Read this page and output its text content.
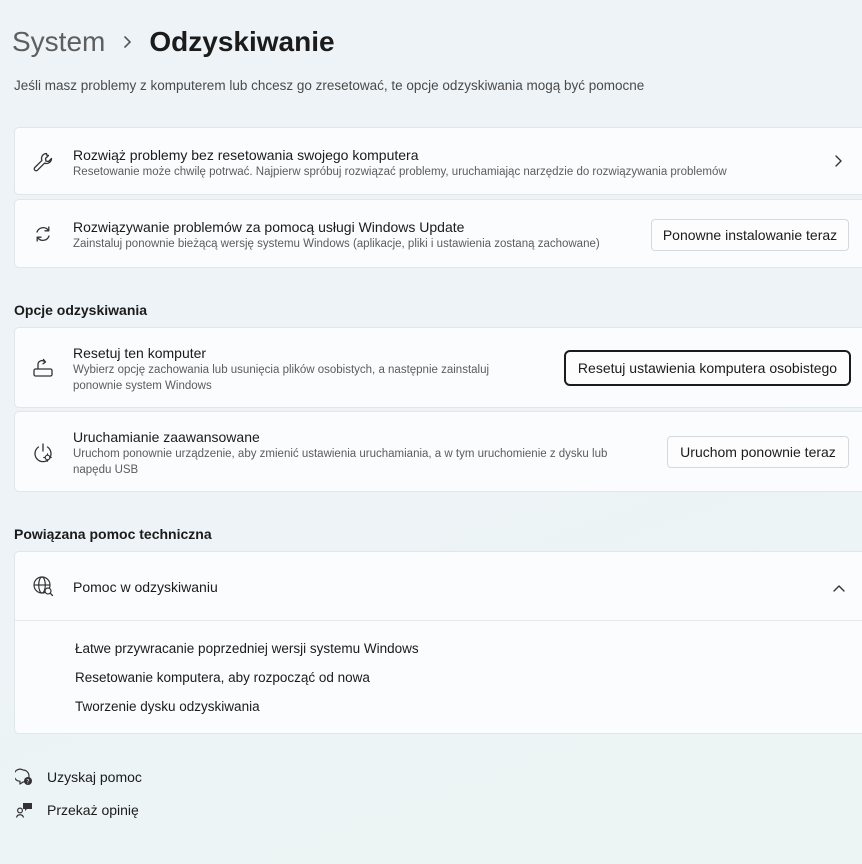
System Odzyskiwanie
Jeśli masz problemy z komputerem lub chcesz go zresetować, te opcje odzyskiwania mogą być pomocne
Rozwiąż problemy bez resetowania swojego komputera
Resetowanie może chwilę potrwać. Najpierw spróbuj rozwiązać problemy, uruchamiając narzędzie do rozwiązywania problemów
Rozwiązywanie problemów za pomocą usługi Windows Update
Zainstaluj ponownie bieżącą wersję systemu Windows (aplikacje, pliki i ustawienia zostaną zachowane)
Ponowne instalowanie teraz
Opcje odzyskiwania
Resetuj ten komputer
Wybierz opcję zachowania lub usunięcia plików osobistych, a następnie zainstaluj
ponownie system Windows
Resetuj ustawienia komputera osobistego
Uruchamianie zaawansowane
Uruchom ponownie urządzenie, aby zmienić ustawienia uruchamiania, a w tym uruchomienie z dysku lub
napędu USB
Uruchom ponownie teraz
Powiązana pomoc techniczna
Pomoc w odzyskiwaniu
Łatwe przywracanie poprzedniej wersji systemu Windows
Resetowanie komputera, aby rozpocząć od nowa
Tworzenie dysku odzyskiwania
? Uzyskaj pomoc
Przekaż opinię
